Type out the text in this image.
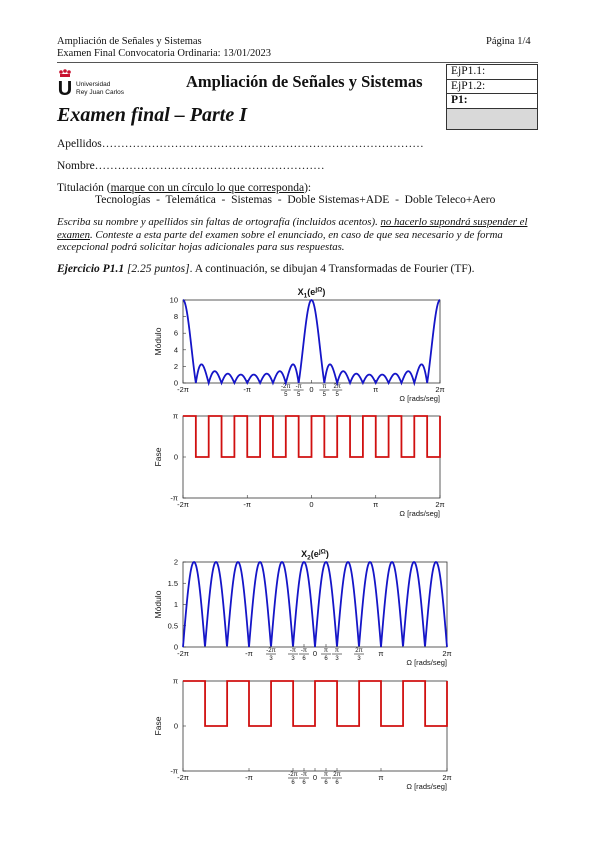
Ampliación de Señales y Sistemas
Examen Final Convocatoria Ordinaria: 13/01/2023
Página 1/4
U Universidad
Rey Juan Carlos
Ampliación de Señales y Sistemas
Examen final – Parte I
EjP1.1:
EjP1.2:
P1:
Apellidos…………………………………………………………………………
Nombre……………………………………………………
Titulación (marque con un círculo lo que corresponda):
Tecnologías  -  Telemática  -  Sistemas  -  Doble Sistemas+ADE  -  Doble Teleco+Aero
Escriba su nombre y apellidos sin faltas de ortografía (incluidos acentos). no hacerlo supondrá suspender el examen. Conteste a esta parte del examen sobre el enunciado, en caso de que sea necesario y de forma excepcional podrá solicitar hojas adicionales para sus respuestas.
Ejercicio P1.1 [2.25 puntos]. A continuación, se dibujan 4 Transformadas de Fourier (TF).
0
2
4
6
8
10
-2π	-π	-2π
5
-π
5
0 π
5
2π
5
π	2π
Módulo
Ω [rads/seg]
$X_1(e^{j\Omega})$
-π
0
π
-2π	-π	0	π	2π
Fase
Ω [rads/seg]
0
0.5
1
1.5
2
-2π	-π -2π
3
-π
3
-π
6
0 π
6
π
3
2π
3
π	2π
Módulo
Ω [rads/seg]
$X_2(e^{j\Omega})$
-π
0
π
-2π	-π	-2π
6
-π
6
0 π
6
2π
6
π	2π
Fase
Ω [rads/seg]
